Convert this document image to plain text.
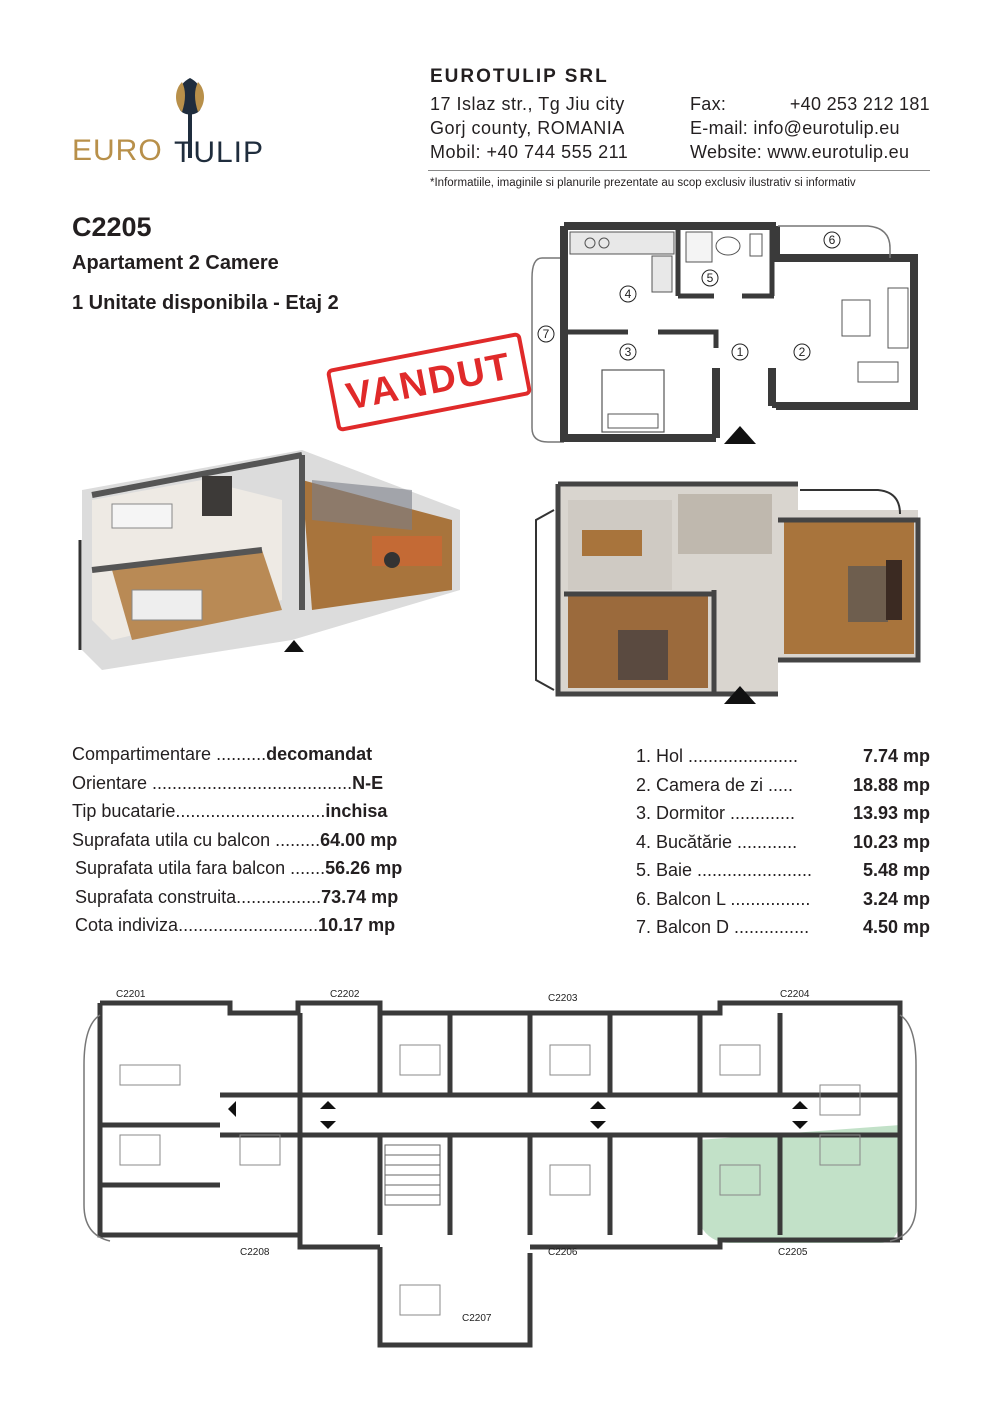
EURO TULIP
EUROTULIP SRL
17 Islaz str., Tg Jiu city
Gorj county, ROMANIA
Mobil: +40 744 555 211
Fax:	+40 253 212 181
E-mail: info@eurotulip.eu
Website: www.eurotulip.eu
*Informatiile, imaginile si planurile prezentate au scop exclusiv ilustrativ si informativ
C2205
Apartament 2 Camere
1 Unitate disponibila - Etaj 2
1	2
3
4
5
6
7
VANDUT
Compartimentare ..........decomandat
Orientare ........................................N-E
Tip bucatarie..............................inchisa
Suprafata utila cu balcon .........64.00 mp
Suprafata utila fara balcon .......56.26 mp
Suprafata construita.................73.74 mp
Cota indiviza............................10.17 mp
1. Hol ......................	7.74 mp
2. Camera de zi .....	18.88 mp
3. Dormitor .............	13.93 mp
4. Bucătărie ............	10.23 mp
5. Baie .......................	5.48 mp
6. Balcon L ................	3.24 mp
7. Balcon D ...............	4.50 mp
C2201	C2202	C2203	C2204
C2205
C2206
C2207
C2208
